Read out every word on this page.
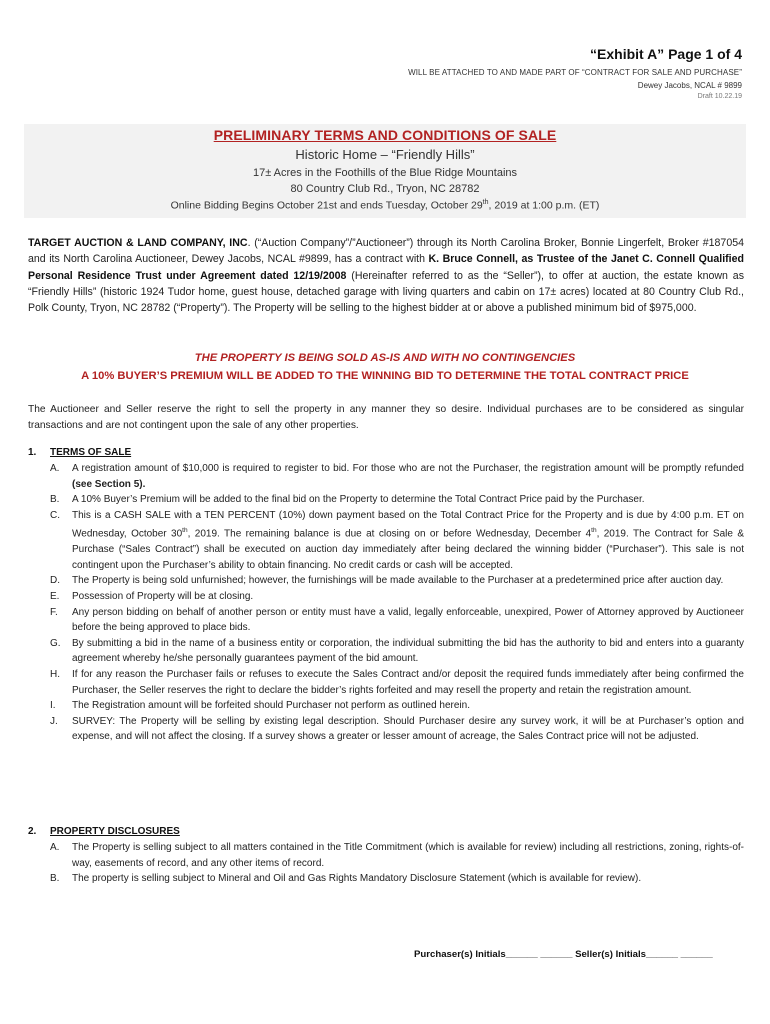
“Exhibit A” Page 1 of 4
WILL BE ATTACHED TO AND MADE PART OF “CONTRACT FOR SALE AND PURCHASE”
Dewey Jacobs, NCAL # 9899
Draft 10.22.19
PRELIMINARY TERMS AND CONDITIONS OF SALE
Historic Home – “Friendly Hills”
17± Acres in the Foothills of the Blue Ridge Mountains
80 Country Club Rd., Tryon, NC 28782
Online Bidding Begins October 21st and ends Tuesday, October 29th, 2019 at 1:00 p.m. (ET)
TARGET AUCTION & LAND COMPANY, INC. (“Auction Company”/”Auctioneer”) through its North Carolina Broker, Bonnie Lingerfelt, Broker #187054 and its North Carolina Auctioneer, Dewey Jacobs, NCAL #9899, has a contract with K. Bruce Connell, as Trustee of the Janet C. Connell Qualified Personal Residence Trust under Agreement dated 12/19/2008 (Hereinafter referred to as the “Seller”), to offer at auction, the estate known as “Friendly Hills” (historic 1924 Tudor home, guest house, detached garage with living quarters and cabin on 17± acres) located at 80 Country Club Rd., Polk County, Tryon, NC 28782 (“Property”). The Property will be selling to the highest bidder at or above a published minimum bid of $975,000.
THE PROPERTY IS BEING SOLD AS-IS AND WITH NO CONTINGENCIES
A 10% BUYER’S PREMIUM WILL BE ADDED TO THE WINNING BID TO DETERMINE THE TOTAL CONTRACT PRICE
The Auctioneer and Seller reserve the right to sell the property in any manner they so desire. Individual purchases are to be considered as singular transactions and are not contingent upon the sale of any other properties.
1. TERMS OF SALE
A.	A registration amount of $10,000 is required to register to bid. For those who are not the Purchaser, the registration amount will be promptly refunded (see Section 5).
B.	A 10% Buyer’s Premium will be added to the final bid on the Property to determine the Total Contract Price paid by the Purchaser.
C.	This is a CASH SALE with a TEN PERCENT (10%) down payment based on the Total Contract Price for the Property and is due by 4:00 p.m. ET on Wednesday, October 30th, 2019. The remaining balance is due at closing on or before Wednesday, December 4th, 2019. The Contract for Sale & Purchase (“Sales Contract”) shall be executed on auction day immediately after being declared the winning bidder (“Purchaser”). This sale is not contingent upon the Purchaser’s ability to obtain financing. No credit cards or cash will be accepted.
D.	The Property is being sold unfurnished; however, the furnishings will be made available to the Purchaser at a predetermined price after auction day.
E.	Possession of Property will be at closing.
F.	Any person bidding on behalf of another person or entity must have a valid, legally enforceable, unexpired, Power of Attorney approved by Auctioneer before the being approved to place bids.
G.	By submitting a bid in the name of a business entity or corporation, the individual submitting the bid has the authority to bid and enters into a guaranty agreement whereby he/she personally guarantees payment of the bid amount.
H.	If for any reason the Purchaser fails or refuses to execute the Sales Contract and/or deposit the required funds immediately after being confirmed the Purchaser, the Seller reserves the right to declare the bidder’s rights forfeited and may resell the property and retain the registration amount.
I.	The Registration amount will be forfeited should Purchaser not perform as outlined herein.
J.	SURVEY: The Property will be selling by existing legal description. Should Purchaser desire any survey work, it will be at Purchaser’s option and expense, and will not affect the closing. If a survey shows a greater or lesser amount of acreage, the Sales Contract price will not be adjusted.
2. PROPERTY DISCLOSURES
A.	The Property is selling subject to all matters contained in the Title Commitment (which is available for review) including all restrictions, zoning, rights-of-way, easements of record, and any other items of record.
B.	The property is selling subject to Mineral and Oil and Gas Rights Mandatory Disclosure Statement (which is available for review).
Purchaser(s) Initials______ ______ Seller(s) Initials______ ______
